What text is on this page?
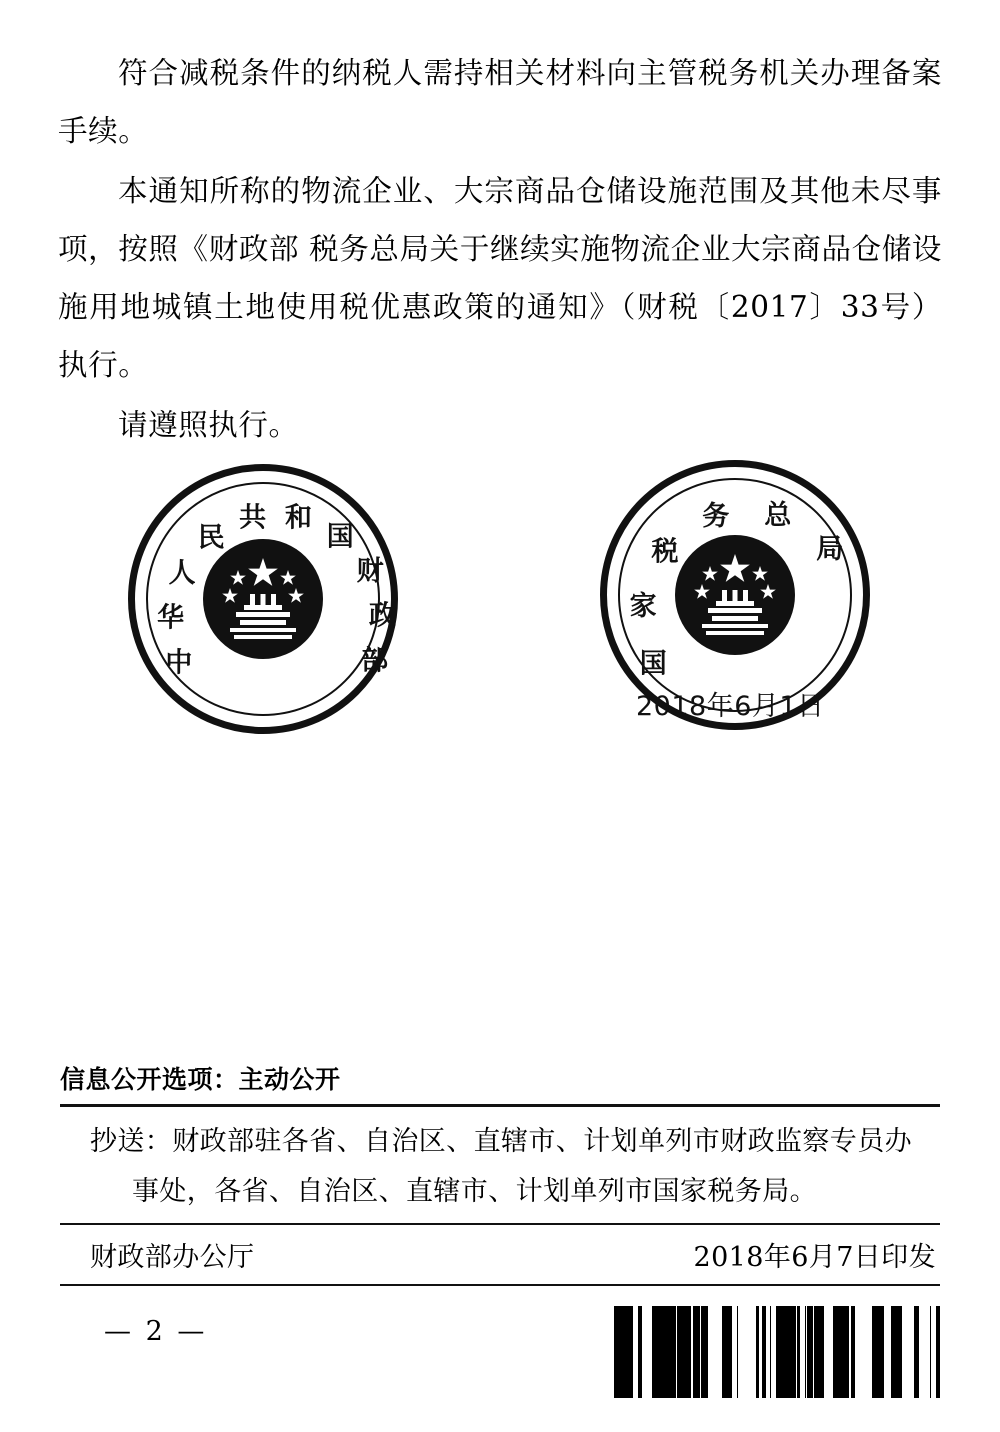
符合减税条件的纳税人需持相关材料向主管税务机关办理备案手续。

本通知所称的物流企业、大宗商品仓储设施范围及其他未尽事项，按照《财政部 税务总局关于继续实施物流企业大宗商品仓储设施用地城镇土地使用税优惠政策的通知》（财税〔2017〕33号）执行。

请遵照执行。

中
华
人
民
共 和
国
财
政
部	国
家
税
务 总
局
2018年6月1日
信息公开选项：主动公开
抄送：财政部驻各省、自治区、直辖市、计划单列市财政监察专员办
事处，各省、自治区、直辖市、计划单列市国家税务局。
财政部办公厅	2018年6月7日印发
— 2 —
